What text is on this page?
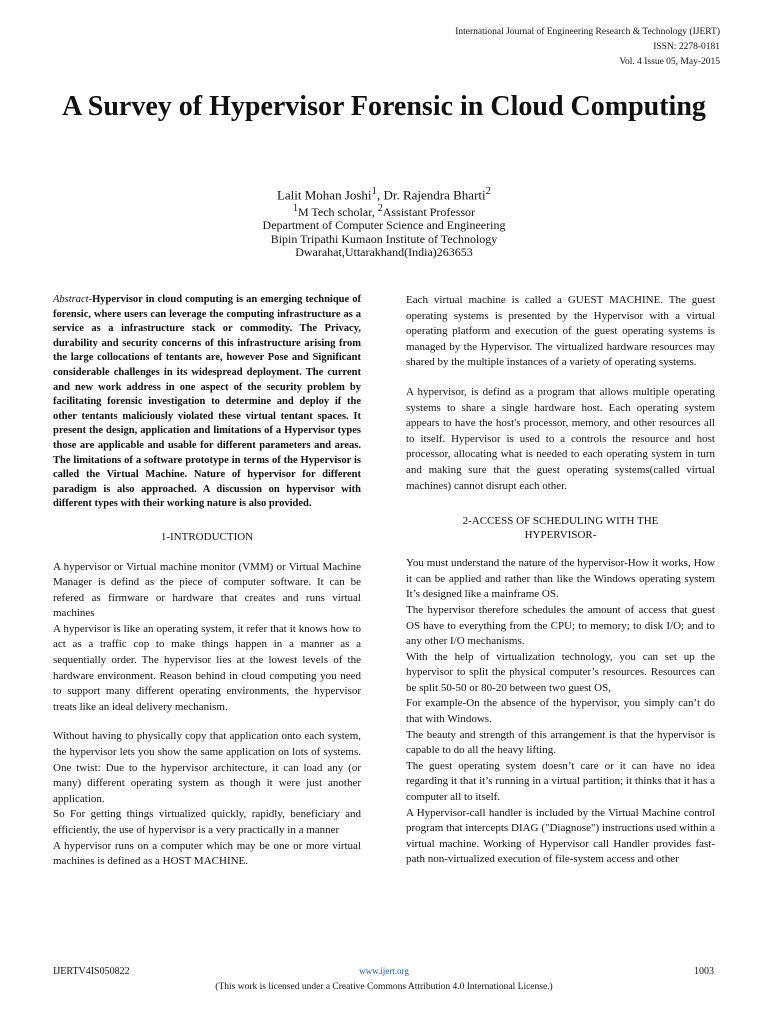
International Journal of Engineering Research & Technology (IJERT)
ISSN: 2278-0181
Vol. 4 Issue 05, May-2015
A Survey of Hypervisor Forensic in Cloud Computing
Lalit Mohan Joshi$^1$, Dr. Rajendra Bharti$^2$
$^1$M Tech scholar, $^2$Assistant Professor
Department of Computer Science and Engineering
Bipin Tripathi Kumaon Institute of Technology
Dwarahat,Uttarakhand(India)263653

Abstract-Hypervisor in cloud computing is an emerging technique of forensic, where users can leverage the computing infrastructure as a service as a infrastructure stack or commodity. The Privacy, durability and security concerns of this infrastructure arising from the large collocations of tentants are, however Pose and Significant considerable challenges in its widespread deployment. The current and new work address in one aspect of the security problem by facilitating forensic investigation to determine and deploy if the other tentants maliciously violated these virtual tentant spaces. It present the design, application and limitations of a Hypervisor types those are applicable and usable for different parameters and areas. The limitations of a software prototype in terms of the Hypervisor is called the Virtual Machine. Nature of hypervisor for different paradigm is also approached. A discussion on hypervisor with different types with their working nature is also provided.

1-INTRODUCTION

A hypervisor or Virtual machine monitor (VMM) or Virtual Machine Manager is defind as the piece of computer software. It can be refered as firmware or hardware that creates and runs virtual machines

A hypervisor is like an operating system, it refer that it knows how to act as a traffic cop to make things happen in a manner as a sequentially order. The hypervisor lies at the lowest levels of the hardware environment. Reason behind in cloud computing you need to support many different operating environments, the hypervisor treats like an ideal delivery mechanism.

Without having to physically copy that application onto each system, the hypervisor lets you show the same application on lots of systems. One twist: Due to the hypervisor architecture, it can load any (or many) different operating system as though it were just another application.

So For getting things virtualized quickly, rapidly, beneficiary and efficiently, the use of hypervisor is a very practically in a manner

A hypervisor runs on a computer which may be one or more virtual machines is defined as a HOST MACHINE.

Each virtual machine is called a GUEST MACHINE. The guest operating systems is presented by the Hypervisor with a virtual operating platform and execution of the guest operating systems is managed by the Hypervisor. The virtualized hardware resources may shared by the multiple instances of a variety of operating systems.

A hypervisor, is defind as a program that allows multiple operating systems to share a single hardware host. Each operating system appears to have the host's processor, memory, and other resources all to itself. Hypervisor is used to a controls the resource and host processor, allocating what is needed to each operating system in turn and making sure that the guest operating systems(called virtual machines) cannot disrupt each other.

2-ACCESS OF SCHEDULING WITH THE
HYPERVISOR-

You must understand the nature of the hypervisor-How it works, How it can be applied and rather than like the Windows operating system It’s designed like a mainframe OS.

The hypervisor therefore schedules the amount of access that guest OS have to everything from the CPU; to memory; to disk I/O; and to any other I/O mechanisms.

With the help of virtualization technology, you can set up the hypervisor to split the physical computer’s resources. Resources can be split 50-50 or 80-20 between two guest OS,

For example-On the absence of the hypervisor, you simply can’t do that with Windows.

The beauty and strength of this arrangement is that the hypervisor is capable to do all the heavy lifting.

The guest operating system doesn’t care or it can have no idea regarding it that it’s running in a virtual partition; it thinks that it has a computer all to itself.

A Hypervisor-call handler is included by the Virtual Machine control program that intercepts DIAG ("Diagnose") instructions used within a virtual machine. Working of Hypervisor call Handler provides fast-path non-virtualized execution of file-system access and other

IJERTV4IS050822	www.ijert.org	1003
(This work is licensed under a Creative Commons Attribution 4.0 International License.)
